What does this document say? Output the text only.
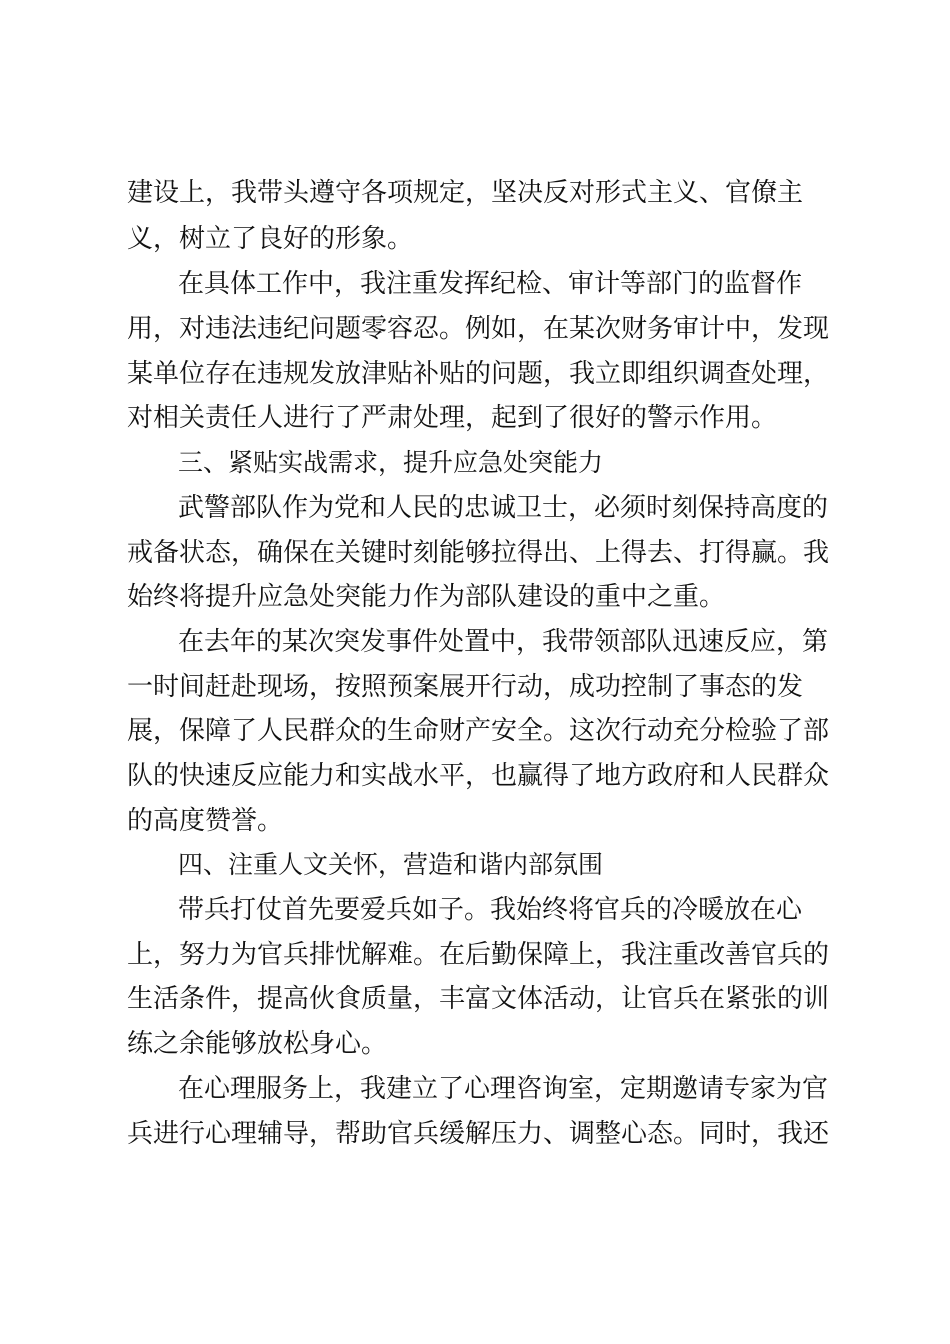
建设上，我带头遵守各项规定，坚决反对形式主义、官僚主

义，树立了良好的形象。

在具体工作中，我注重发挥纪检、审计等部门的监督作

用，对违法违纪问题零容忍。例如，在某次财务审计中，发现

某单位存在违规发放津贴补贴的问题，我立即组织调查处理，

对相关责任人进行了严肃处理，起到了很好的警示作用。

三、紧贴实战需求，提升应急处突能力

武警部队作为党和人民的忠诚卫士，必须时刻保持高度的

戒备状态，确保在关键时刻能够拉得出、上得去、打得赢。我

始终将提升应急处突能力作为部队建设的重中之重。

在去年的某次突发事件处置中，我带领部队迅速反应，第

一时间赶赴现场，按照预案展开行动，成功控制了事态的发

展，保障了人民群众的生命财产安全。这次行动充分检验了部

队的快速反应能力和实战水平，也赢得了地方政府和人民群众

的高度赞誉。

四、注重人文关怀，营造和谐内部氛围

带兵打仗首先要爱兵如子。我始终将官兵的冷暖放在心

上，努力为官兵排忧解难。在后勤保障上，我注重改善官兵的

生活条件，提高伙食质量，丰富文体活动，让官兵在紧张的训

练之余能够放松身心。

在心理服务上，我建立了心理咨询室，定期邀请专家为官

兵进行心理辅导，帮助官兵缓解压力、调整心态。同时，我还
